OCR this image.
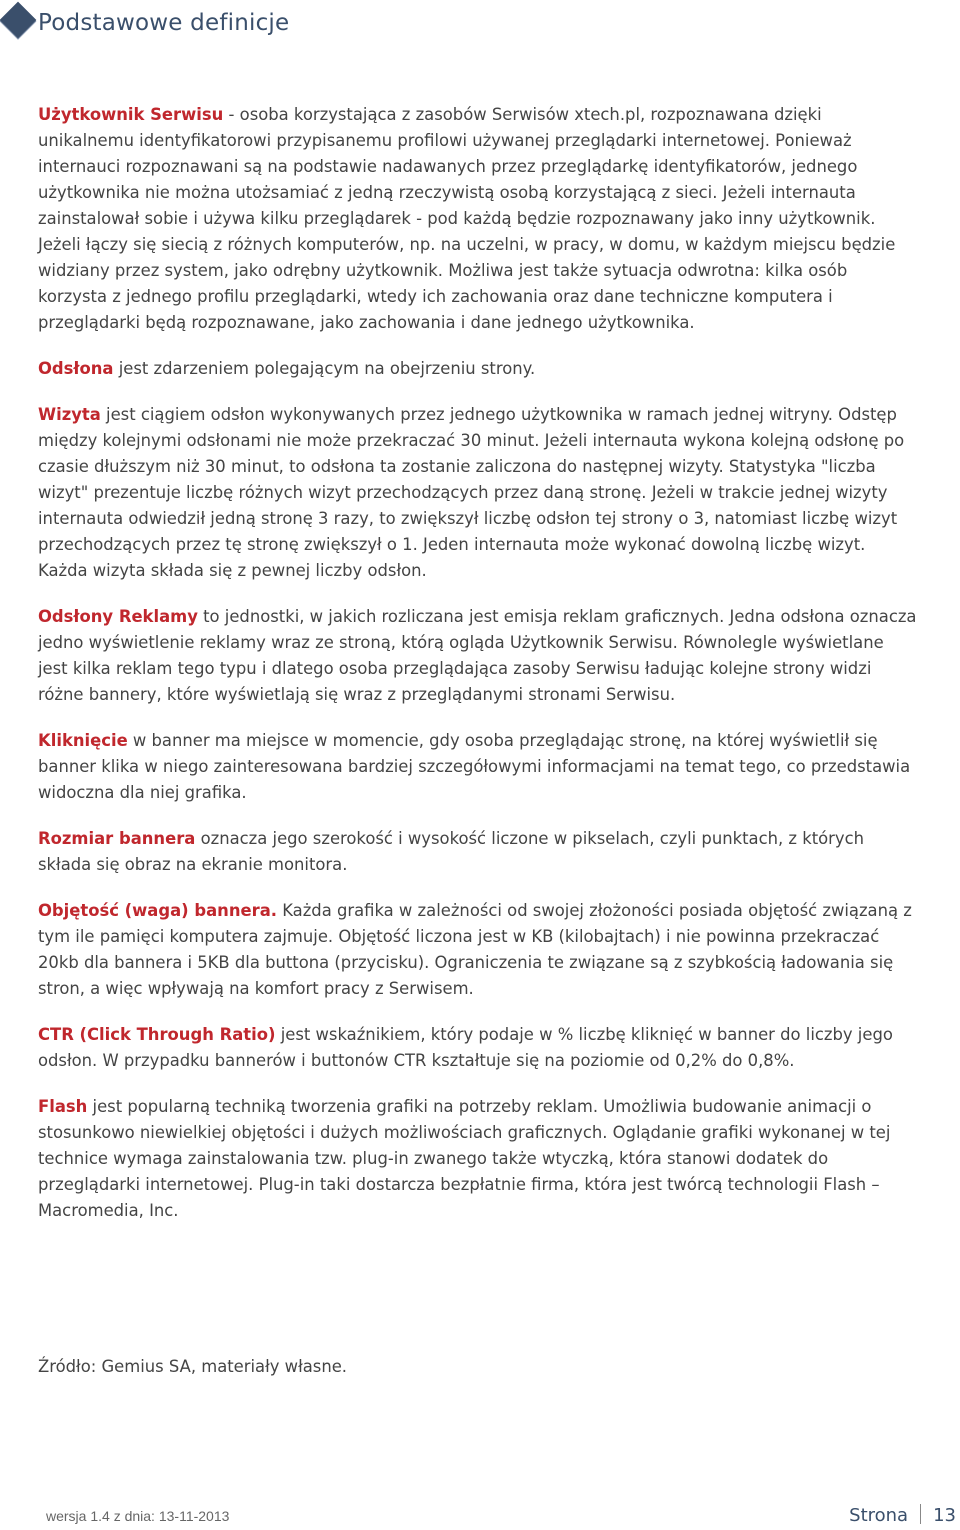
Podstawowe definicje

Użytkownik Serwisu - osoba korzystająca z zasobów Serwisów xtech.pl, rozpoznawana dzięki unikalnemu identyfikatorowi przypisanemu profilowi używanej przeglądarki internetowej. Ponieważ internauci rozpoznawani są na podstawie nadawanych przez przeglądarkę identyfikatorów, jednego użytkownika nie można utożsamiać z jedną rzeczywistą osobą korzystającą z sieci. Jeżeli internauta zainstalował sobie i używa kilku przeglądarek - pod każdą będzie rozpoznawany jako inny użytkownik. Jeżeli łączy się siecią z różnych komputerów, np. na uczelni, w pracy, w domu, w każdym miejscu będzie widziany przez system, jako odrębny użytkownik. Możliwa jest także sytuacja odwrotna: kilka osób korzysta z jednego profilu przeglądarki, wtedy ich zachowania oraz dane techniczne komputera i przeglądarki będą rozpoznawane, jako zachowania i dane jednego użytkownika.

Odsłona jest zdarzeniem polegającym na obejrzeniu strony.

Wizyta jest ciągiem odsłon wykonywanych przez jednego użytkownika w ramach jednej witryny. Odstęp między kolejnymi odsłonami nie może przekraczać 30 minut. Jeżeli internauta wykona kolejną odsłonę po czasie dłuższym niż 30 minut, to odsłona ta zostanie zaliczona do następnej wizyty. Statystyka "liczba wizyt" prezentuje liczbę różnych wizyt przechodzących przez daną stronę. Jeżeli w trakcie jednej wizyty internauta odwiedził jedną stronę 3 razy, to zwiększył liczbę odsłon tej strony o 3, natomiast liczbę wizyt przechodzących przez tę stronę zwiększył o 1. Jeden internauta może wykonać dowolną liczbę wizyt. Każda wizyta składa się z pewnej liczby odsłon.

Odsłony Reklamy to jednostki, w jakich rozliczana jest emisja reklam graficznych. Jedna odsłona oznacza jedno wyświetlenie reklamy wraz ze stroną, którą ogląda Użytkownik Serwisu. Równolegle wyświetlane jest kilka reklam tego typu i dlatego osoba przeglądająca zasoby Serwisu ładując kolejne strony widzi różne bannery, które wyświetlają się wraz z przeglądanymi stronami Serwisu.

Kliknięcie w banner ma miejsce w momencie, gdy osoba przeglądając stronę, na której wyświetlił się banner klika w niego zainteresowana bardziej szczegółowymi informacjami na temat tego, co przedstawia widoczna dla niej grafika.

Rozmiar bannera oznacza jego szerokość i wysokość liczone w pikselach, czyli punktach, z których składa się obraz na ekranie monitora.

Objętość (waga) bannera. Każda grafika w zależności od swojej złożoności posiada objętość związaną z tym ile pamięci komputera zajmuje. Objętość liczona jest w KB (kilobajtach) i nie powinna przekraczać 20kb dla bannera i 5KB dla buttona (przycisku). Ograniczenia te związane są z szybkością ładowania się stron, a więc wpływają na komfort pracy z Serwisem.

CTR (Click Through Ratio) jest wskaźnikiem, który podaje w % liczbę kliknięć w banner do liczby jego odsłon. W przypadku bannerów i buttonów CTR kształtuje się na poziomie od 0,2% do 0,8%.

Flash jest popularną techniką tworzenia grafiki na potrzeby reklam. Umożliwia budowanie animacji o stosunkowo niewielkiej objętości i dużych możliwościach graficznych. Oglądanie grafiki wykonanej w tej technice wymaga zainstalowania tzw. plug-in zwanego także wtyczką, która stanowi dodatek do przeglądarki internetowej. Plug-in taki dostarcza bezpłatnie firma, która jest twórcą technologii Flash – Macromedia, Inc.

Źródło: Gemius SA, materiały własne.

wersja 1.4 z dnia: 13-11-2013	Strona 13
